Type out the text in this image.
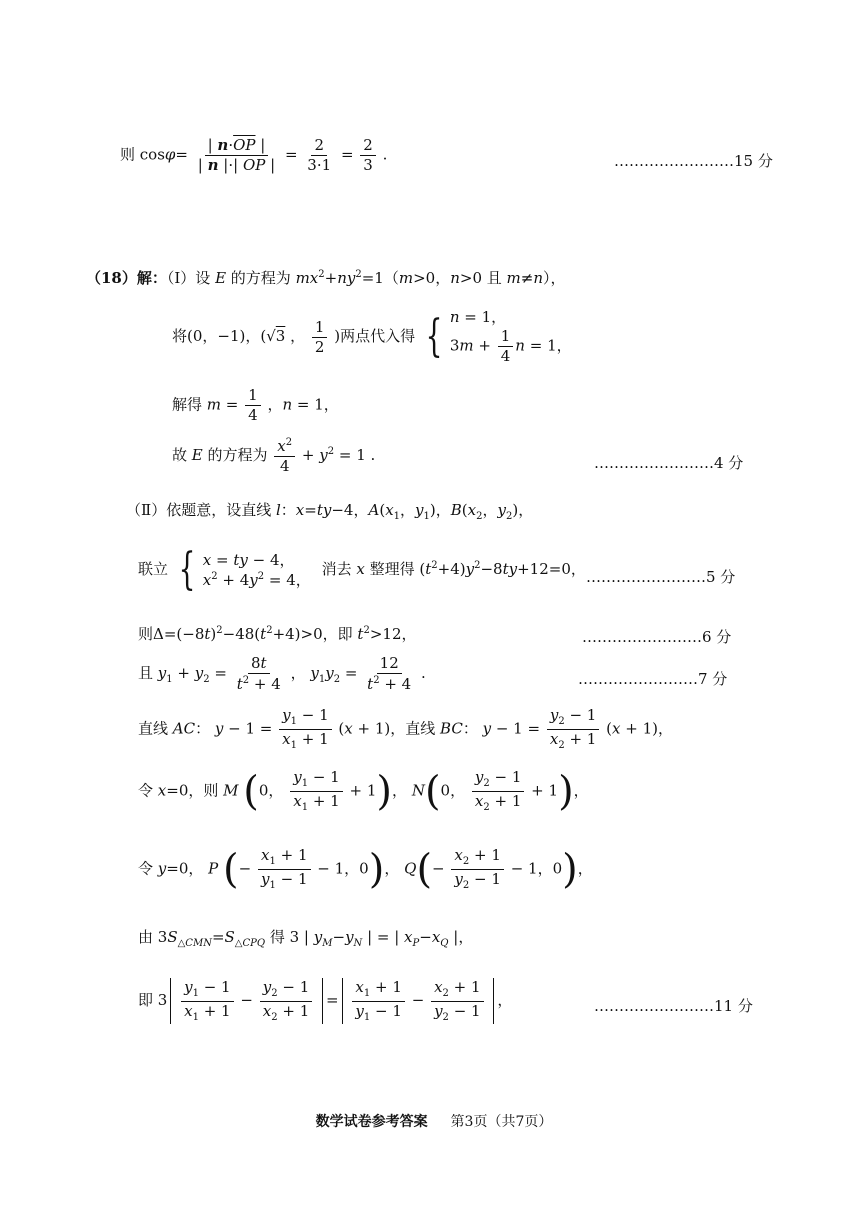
则 $\cos\varphi= \frac{| n\cdot\overline{OP} |}{| n |\cdot| \overline{OP} |} = \frac{2}{3\cdot 1} = \frac{2}{3}$ .	……………………15 分
（18）解：（Ⅰ）设 E 的方程为 $mx^2+ny^2=1(m>0$，n>0 且 m≠n），
将(0，−1)，(√3 ， $\frac{1}{2}$ )两点代入得 { n = 1，
$3m + \frac{1}{4}$ n = 1，
解得 $m = \frac{1}{4}$ ，n = 1，
故 E 的方程为 $\frac{x^2}{4} + y^2 = 1$ .	……………………4 分
（Ⅱ）依题意，设直线 l：x=ty−4，$A(x_1$，$y_1$)，$B(x_2$，$y_2$)，
联立 { x = ty − 4，
$x^2 + 4y^2 = 4$，
消去 x 整理得 $(t^2+4)y^2-8ty+12=0$， ……………………5 分
则$\Delta=(-8t)^2-48(t^2+4)>0$，即 $t^2>12$，	……………………6 分
且 $y_1 + y_2 = \frac{8t}{t^2 + 4}$ ， $y_1y_2 = \frac{12}{t^2 + 4}$ .	……………………7 分
直线 AC： $y - 1 = \frac{y_1 - 1}{x_1 + 1} (x + 1)$，直线 BC： $y - 1 = \frac{y_2 - 1}{x_2 + 1} (x + 1)$，
令 x=0，则 M (0， $\frac{y_1 - 1}{x_1 + 1} + 1$)， N(0， $\frac{y_2 - 1}{x_2 + 1} + 1$)，
令 y=0， P (− $\frac{x_1 + 1}{y_1 - 1} - 1$，0)， $Q(- \frac{x_2 + 1}{y_2 - 1} - 1$，0)，
由 $3S_{\triangle CMN}=S_{\triangle CPQ}$ 得 3 | $y_M-y_N$ | = | $x_P-x_Q$ |，
即 $3 \frac{y_1 - 1}{x_1 + 1} - \frac{y_2 - 1}{x_2 + 1} = \frac{x_1 + 1}{y_1 - 1} - \frac{x_2 + 1}{y_2 - 1}$ ，	……………………11 分
数学试卷参考答案 第3页（共7页）
